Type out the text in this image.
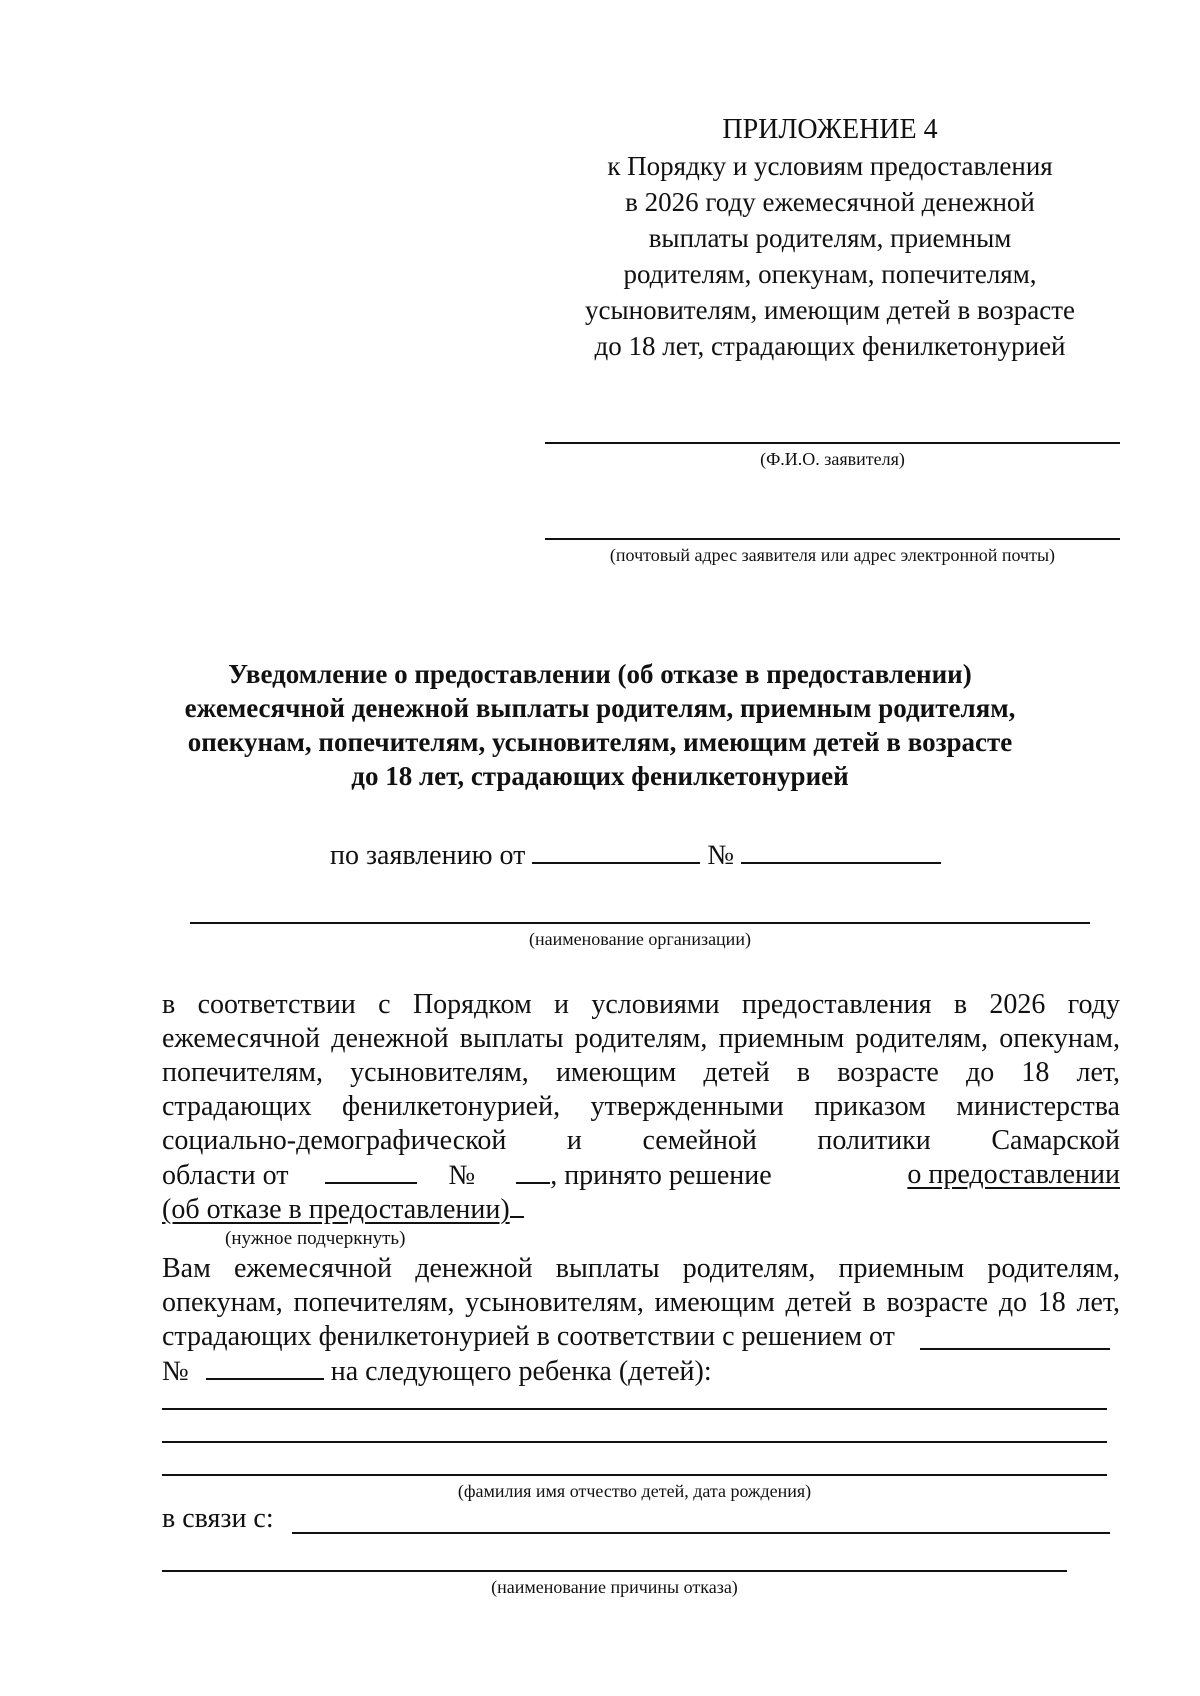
ПРИЛОЖЕНИЕ 4
к Порядку и условиям предоставления
в 2026 году ежемесячной денежной
выплаты родителям, приемным
родителям, опекунам, попечителям,
усыновителям, имеющим детей в возрасте
до 18 лет, страдающих фенилкетонурией
(Ф.И.О. заявителя)
(почтовый адрес заявителя или адрес электронной почты)
Уведомление о предоставлении (об отказе в предоставлении)
ежемесячной денежной выплаты родителям, приемным родителям,
опекунам, попечителям, усыновителям, имеющим детей в возрасте
до 18 лет, страдающих фенилкетонурией
по заявлению от	№
(наименование организации)
в соответствии с Порядком и условиями предоставления в 2026 году
ежемесячной денежной выплаты родителям, приемным родителям, опекунам,
попечителям, усыновителям, имеющим детей в возрасте до 18 лет,
страдающих фенилкетонурией, утвержденными приказом министерства
социально-демографической и семейной политики Самарской
области от	№	, принято решение	о предоставлении
(об отказе в предоставлении)
(нужное подчеркнуть)
Вам ежемесячной денежной выплаты родителям, приемным родителям,
опекунам, попечителям, усыновителям, имеющим детей в возрасте до 18 лет,
страдающих фенилкетонурией в соответствии с решением от
№	на следующего ребенка (детей):
(фамилия имя отчество детей, дата рождения)
в связи с:
(наименование причины отказа)
